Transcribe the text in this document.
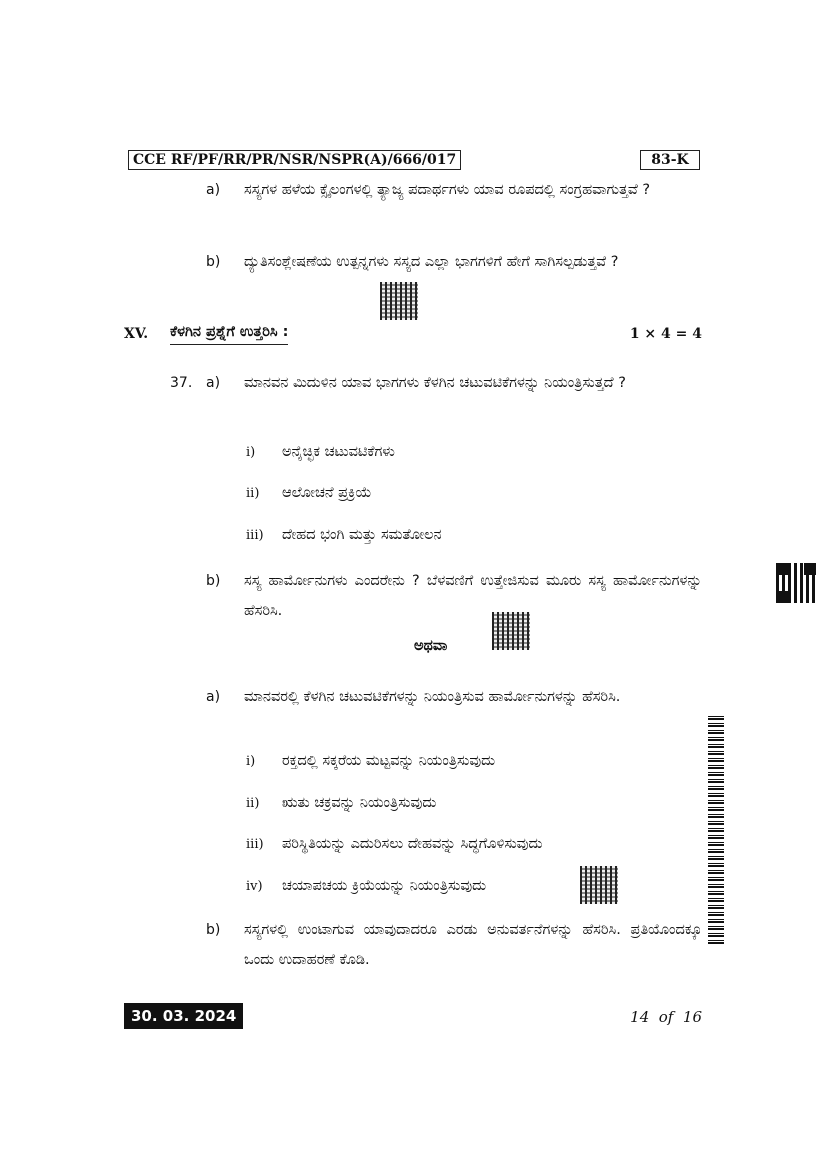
CCE RF/PF/RR/PR/NSR/NSPR(A)/666/017	83-K
a) ಸಸ್ಯಗಳ ಹಳೆಯ ಕ್ಸೈಲಂಗಳಲ್ಲಿ ತ್ಯಾಜ್ಯ ಪದಾರ್ಥಗಳು ಯಾವ ರೂಪದಲ್ಲಿ ಸಂಗ್ರಹವಾಗುತ್ತವೆ ?
b) ದ್ಯುತಿಸಂಶ್ಲೇಷಣೆಯ ಉತ್ಪನ್ನಗಳು ಸಸ್ಯದ ಎಲ್ಲಾ ಭಾಗಗಳಿಗೆ ಹೇಗೆ ಸಾಗಿಸಲ್ಪಡುತ್ತವೆ ?
XV. ಕೆಳಗಿನ ಪ್ರಶ್ನೆಗೆ ಉತ್ತರಿಸಿ :	1 × 4 = 4
37. a) ಮಾನವನ ಮಿದುಳಿನ ಯಾವ ಭಾಗಗಳು ಕೆಳಗಿನ ಚಟುವಟಿಕೆಗಳನ್ನು ನಿಯಂತ್ರಿಸುತ್ತದೆ ?
i) ಅನೈಚ್ಛಿಕ ಚಟುವಟಿಕೆಗಳು
ii) ಆಲೋಚನೆ ಪ್ರಕ್ರಿಯೆ
iii) ದೇಹದ ಭಂಗಿ ಮತ್ತು ಸಮತೋಲನ
b) ಸಸ್ಯ ಹಾರ್ಮೋನುಗಳು ಎಂದರೇನು ? ಬೆಳವಣಿಗೆ ಉತ್ತೇಜಿಸುವ ಮೂರು ಸಸ್ಯ ಹಾರ್ಮೋನುಗಳನ್ನು ಹೆಸರಿಸಿ.
ಅಥವಾ
a) ಮಾನವರಲ್ಲಿ ಕೆಳಗಿನ ಚಟುವಟಿಕೆಗಳನ್ನು ನಿಯಂತ್ರಿಸುವ ಹಾರ್ಮೋನುಗಳನ್ನು ಹೆಸರಿಸಿ.
i) ರಕ್ತದಲ್ಲಿ ಸಕ್ಕರೆಯ ಮಟ್ಟವನ್ನು ನಿಯಂತ್ರಿಸುವುದು
ii) ಋತು ಚಕ್ರವನ್ನು ನಿಯಂತ್ರಿಸುವುದು
iii) ಪರಿಸ್ಥಿತಿಯನ್ನು ಎದುರಿಸಲು ದೇಹವನ್ನು ಸಿದ್ಧಗೊಳಿಸುವುದು
iv) ಚಯಾಪಚಯ ಕ್ರಿಯೆಯನ್ನು ನಿಯಂತ್ರಿಸುವುದು
b) ಸಸ್ಯಗಳಲ್ಲಿ ಉಂಟಾಗುವ ಯಾವುದಾದರೂ ಎರಡು ಅನುವರ್ತನೆಗಳನ್ನು ಹೆಸರಿಸಿ. ಪ್ರತಿಯೊಂದಕ್ಕೂ ಒಂದು ಉದಾಹರಣೆ ಕೊಡಿ.
30. 03. 2024	14  of  16
